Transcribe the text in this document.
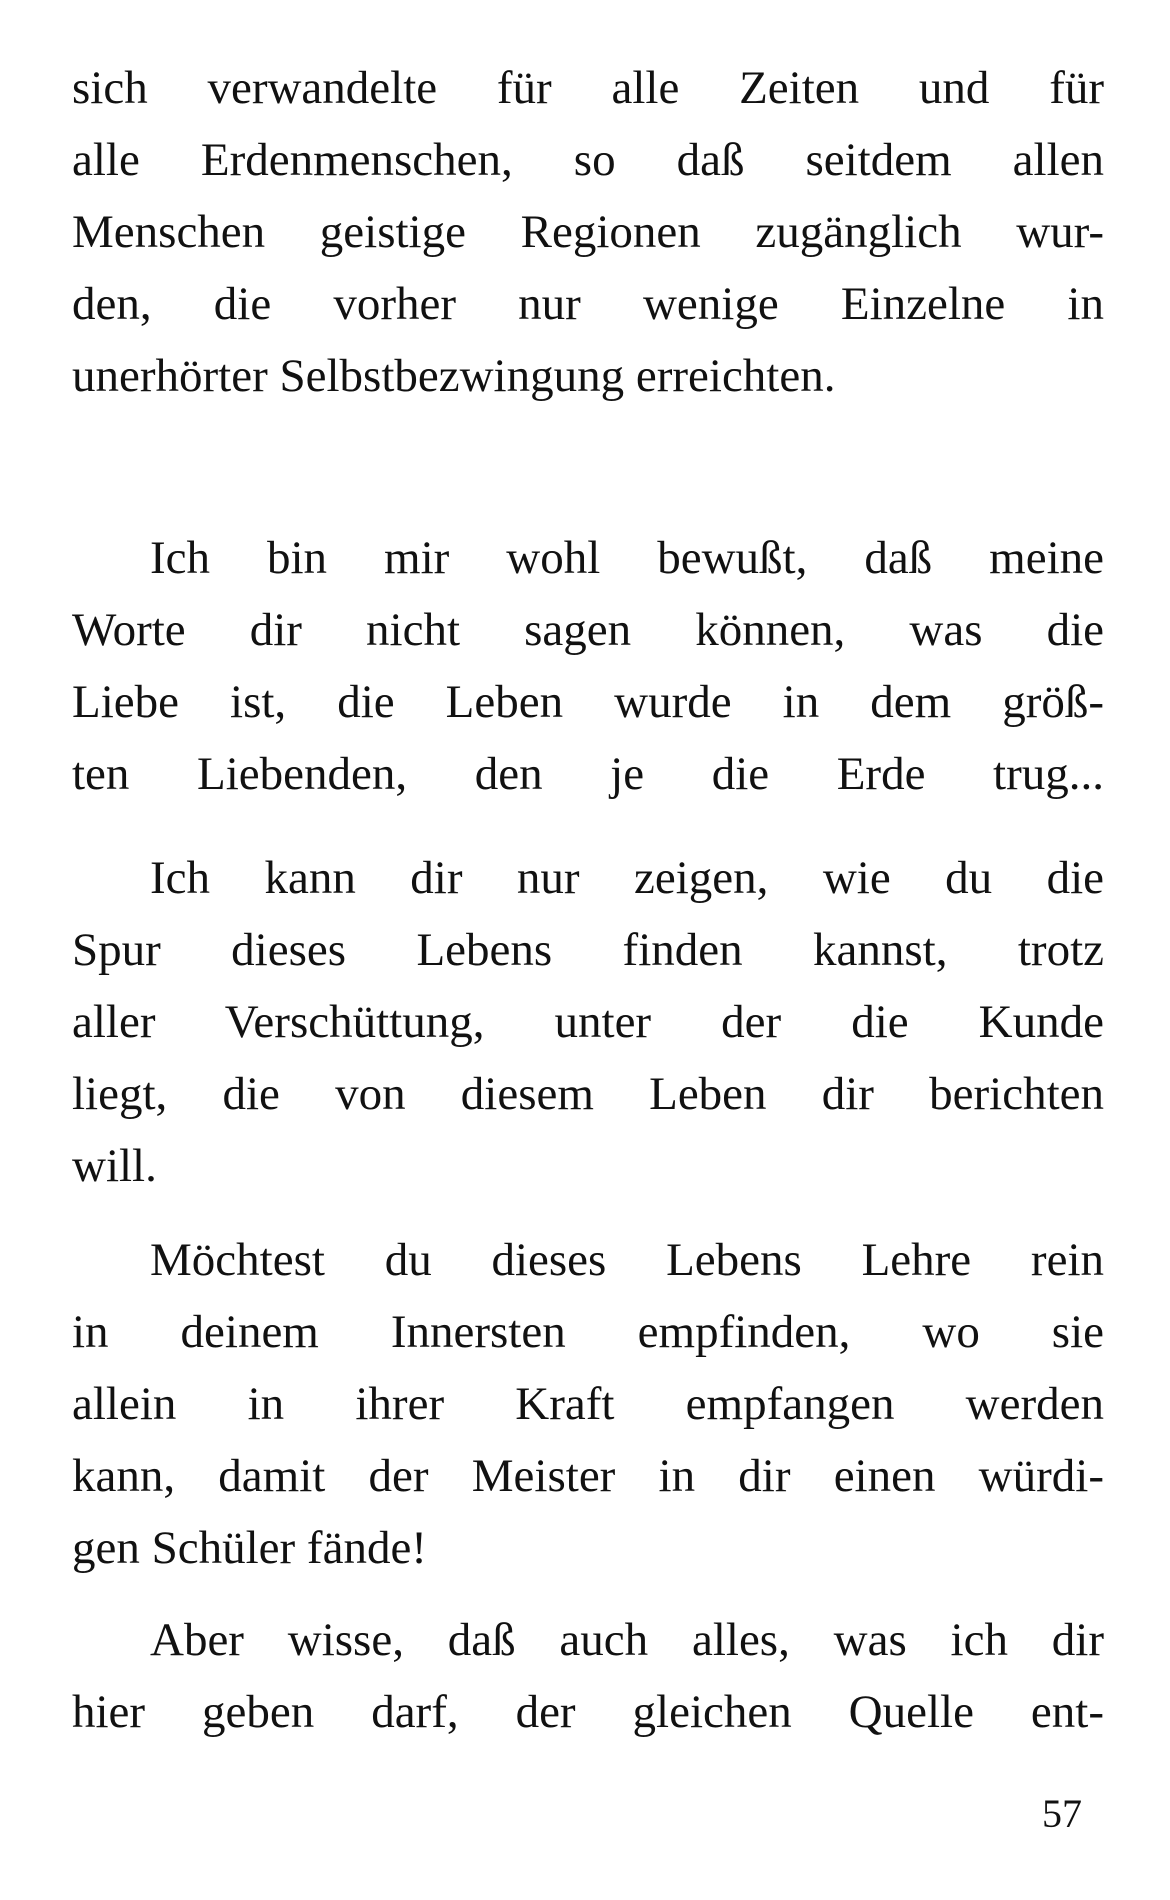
sich verwandelte für alle Zeiten und für
alle Erdenmenschen, so daß seitdem allen
Menschen geistige Regionen zugänglich wur-
den, die vorher nur wenige Einzelne in
unerhörter Selbstbezwingung erreichten.
Ich bin mir wohl bewußt, daß meine
Worte dir nicht sagen können, was die
Liebe ist, die Leben wurde in dem größ-
ten Liebenden, den je die Erde trug...
Ich kann dir nur zeigen, wie du die
Spur dieses Lebens finden kannst, trotz
aller Verschüttung, unter der die Kunde
liegt, die von diesem Leben dir berichten
will.
Möchtest du dieses Lebens Lehre rein
in deinem Innersten empfinden, wo sie
allein in ihrer Kraft empfangen werden
kann, damit der Meister in dir einen würdi-
gen Schüler fände!
Aber wisse, daß auch alles, was ich dir
hier geben darf, der gleichen Quelle ent-
57
